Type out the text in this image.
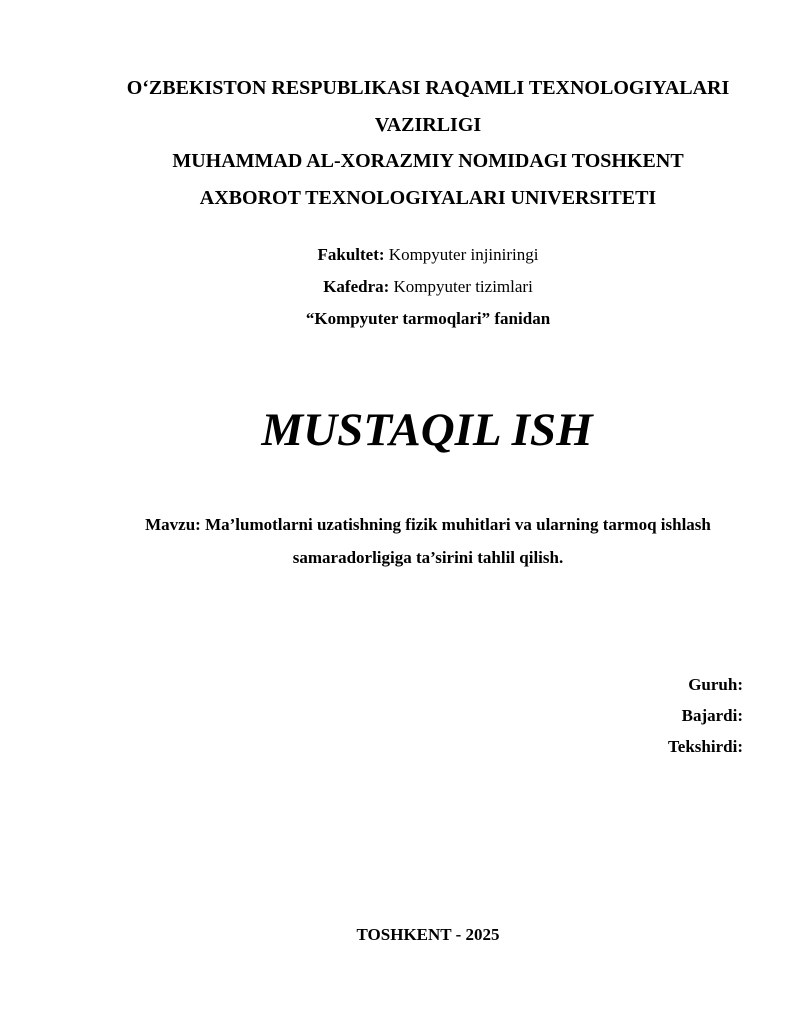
O‘ZBEKISTON RESPUBLIKASI RAQAMLI TEXNOLOGIYALARI
VAZIRLIGI
MUHAMMAD AL-XORAZMIY NOMIDAGI TOSHKENT
AXBOROT TEXNOLOGIYALARI UNIVERSITETI
Fakultet: Kompyuter injiniringi
Kafedra: Kompyuter tizimlari
“Kompyuter tarmoqlari” fanidan
MUSTAQIL ISH
Mavzu: Ma’lumotlarni uzatishning fizik muhitlari va ularning tarmoq ishlash
samaradorligiga ta’sirini tahlil qilish.
Guruh:
Bajardi:
Tekshirdi:
TOSHKENT - 2025
